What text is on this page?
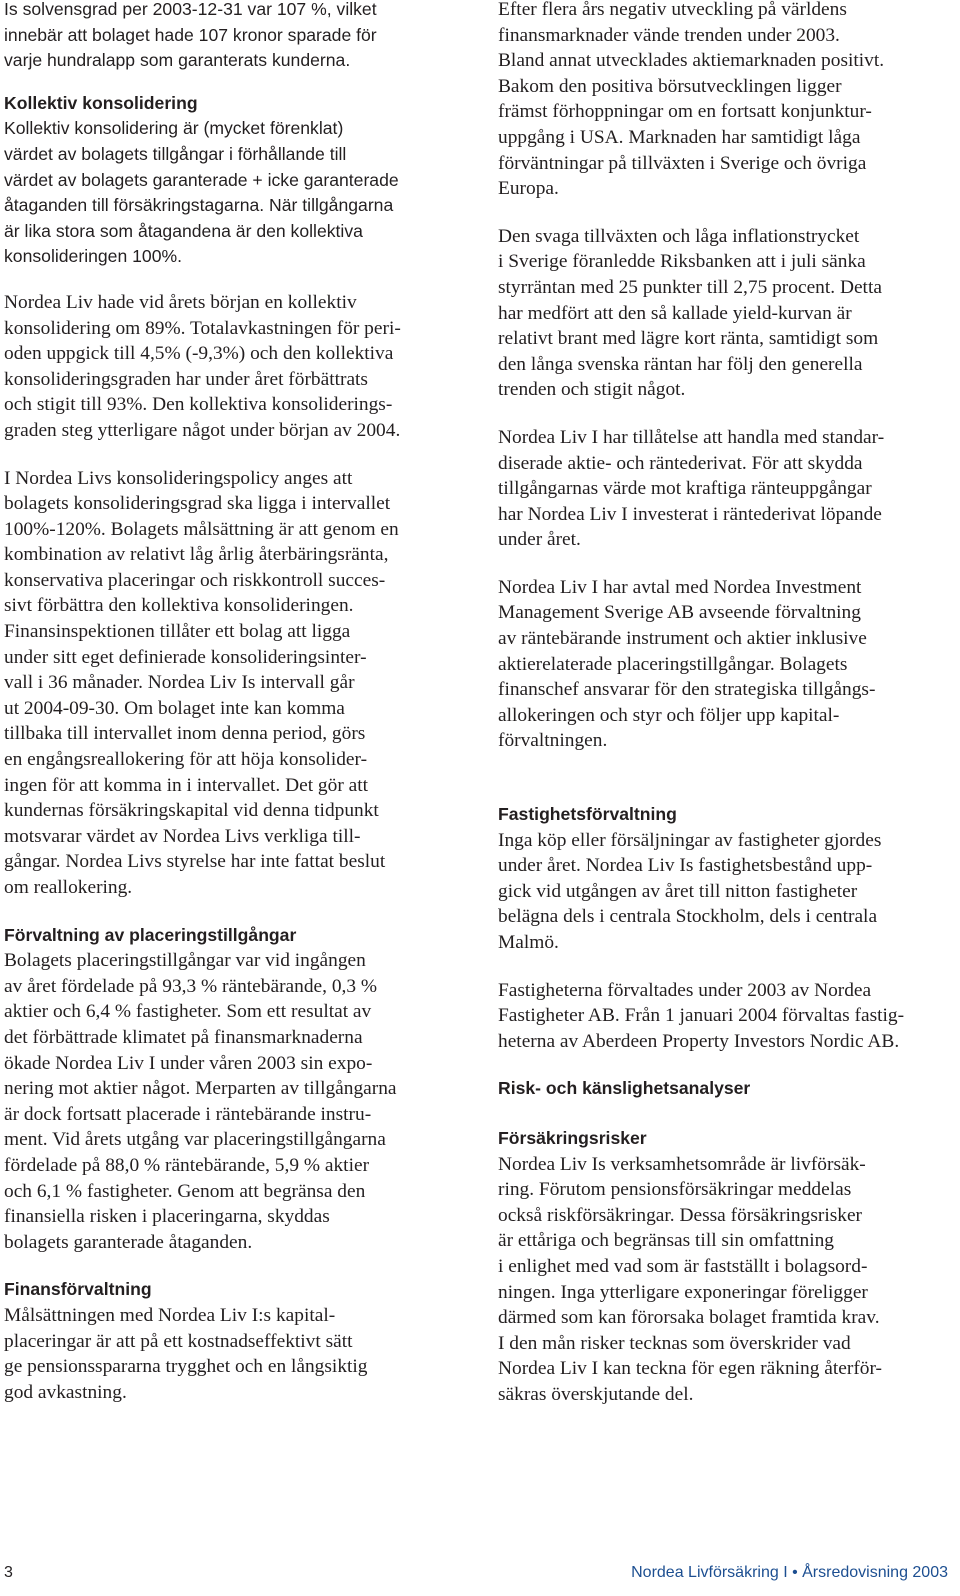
Is solvensgrad per 2003-12-31 var 107 %, vilket
innebär att bolaget hade 107 kronor sparade för
varje hundralapp som garanterats kunderna.

Kollektiv konsolidering

Kollektiv konsolidering är (mycket förenklat)
värdet av bolagets tillgångar i förhållande till
värdet av bolagets garanterade + icke garanterade
åtaganden till försäkringstagarna. När tillgångarna
är lika stora som åtagandena är den kollektiva
konsolideringen 100%.

Nordea Liv hade vid årets början en kollektiv
konsolidering om 89%. Totalavkastningen för peri-
oden uppgick till 4,5% (-9,3%) och den kollektiva
konsolideringsgraden har under året förbättrats
och stigit till 93%. Den kollektiva konsoliderings-
graden steg ytterligare något under början av 2004.

I Nordea Livs konsolideringspolicy anges att
bolagets konsolideringsgrad ska ligga i intervallet
100%-120%. Bolagets målsättning är att genom en
kombination av relativt låg årlig återbäringsränta,
konservativa placeringar och riskkontroll succes-
sivt förbättra den kollektiva konsolideringen.
Finansinspektionen tillåter ett bolag att ligga
under sitt eget definierade konsolideringsinter-
vall i 36 månader. Nordea Liv Is intervall går
ut 2004-09-30. Om bolaget inte kan komma
tillbaka till intervallet inom denna period, görs
en engångsreallokering för att höja konsolider-
ingen för att komma in i intervallet. Det gör att
kundernas försäkringskapital vid denna tidpunkt
motsvarar värdet av Nordea Livs verkliga till-
gångar. Nordea Livs styrelse har inte fattat beslut
om reallokering.

Förvaltning av placeringstillgångar

Bolagets placeringstillgångar var vid ingången
av året fördelade på 93,3 % räntebärande, 0,3 %
aktier och 6,4 % fastigheter. Som ett resultat av
det förbättrade klimatet på finansmarknaderna
ökade Nordea Liv I under våren 2003 sin expo-
nering mot aktier något. Merparten av tillgångarna
är dock fortsatt placerade i räntebärande instru-
ment. Vid årets utgång var placeringstillgångarna
fördelade på 88,0 % räntebärande, 5,9 % aktier
och 6,1 % fastigheter. Genom att begränsa den
finansiella risken i placeringarna, skyddas
bolagets garanterade åtaganden.

Finansförvaltning

Målsättningen med Nordea Liv I:s kapital-
placeringar är att på ett kostnadseffektivt sätt
ge pensionsspararna trygghet och en långsiktig
god avkastning.

Efter flera års negativ utveckling på världens
finansmarknader vände trenden under 2003.
Bland annat utvecklades aktiemarknaden positivt.
Bakom den positiva börsutvecklingen ligger
främst förhoppningar om en fortsatt konjunktur-
uppgång i USA. Marknaden har samtidigt låga
förväntningar på tillväxten i Sverige och övriga
Europa.

Den svaga tillväxten och låga inflationstrycket
i Sverige föranledde Riksbanken att i juli sänka
styrräntan med 25 punkter till 2,75 procent. Detta
har medfört att den så kallade yield-kurvan är
relativt brant med lägre kort ränta, samtidigt som
den långa svenska räntan har följ den generella
trenden och stigit något.

Nordea Liv I har tillåtelse att handla med standar-
diserade aktie- och räntederivat. För att skydda
tillgångarnas värde mot kraftiga ränteuppgångar
har Nordea Liv I investerat i räntederivat löpande
under året.

Nordea Liv I har avtal med Nordea Investment
Management Sverige AB avseende förvaltning
av räntebärande instrument och aktier inklusive
aktierelaterade placeringstillgångar. Bolagets
finanschef ansvarar för den strategiska tillgångs-
allokeringen och styr och följer upp kapital-
förvaltningen.

Fastighetsförvaltning

Inga köp eller försäljningar av fastigheter gjordes
under året. Nordea Liv Is fastighetsbestånd upp-
gick vid utgången av året till nitton fastigheter
belägna dels i centrala Stockholm, dels i centrala
Malmö.

Fastigheterna förvaltades under 2003 av Nordea
Fastigheter AB. Från 1 januari 2004 förvaltas fastig-
heterna av Aberdeen Property Investors Nordic AB.

Risk- och känslighetsanalyser
Försäkringsrisker

Nordea Liv Is verksamhetsområde är livförsäk-
ring. Förutom pensionsförsäkringar meddelas
också riskförsäkringar. Dessa försäkringsrisker
är ettåriga och begränsas till sin omfattning
i enlighet med vad som är fastställt i bolagsord-
ningen. Inga ytterligare exponeringar föreligger
därmed som kan förorsaka bolaget framtida krav.
I den mån risker tecknas som överskrider vad
Nordea Liv I kan teckna för egen räkning återför-
säkras överskjutande del.

3	Nordea Livförsäkring I • Årsredovisning 2003
